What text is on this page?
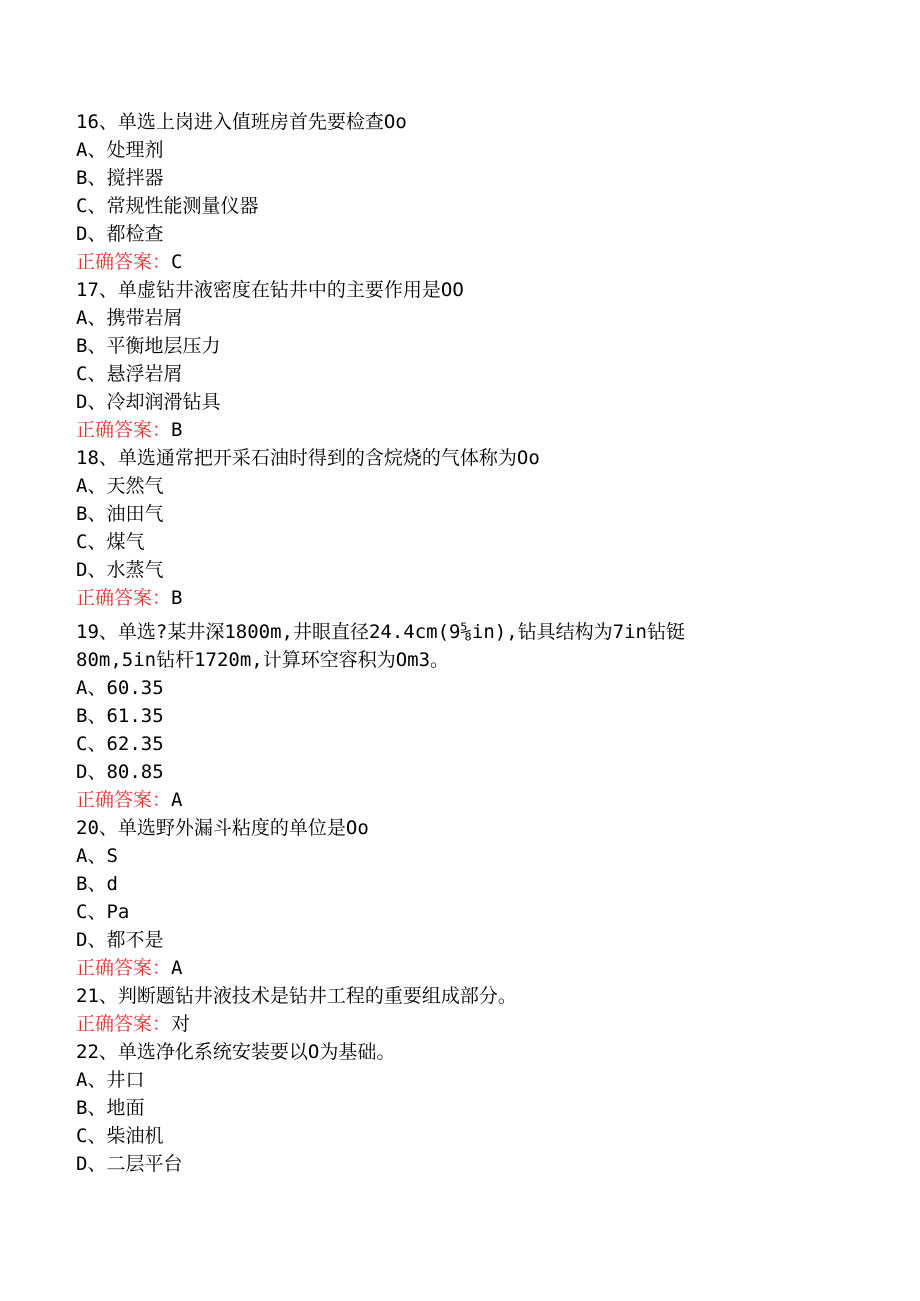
16、单选上岗进入值班房首先要检查Oo
A、处理剂
B、搅拌器
C、常规性能测量仪器
D、都检查
正确答案：C
17、单虚钻井液密度在钻井中的主要作用是OO
A、携带岩屑
B、平衡地层压力
C、悬浮岩屑
D、冷却润滑钻具
正确答案：B
18、单选通常把开采石油时得到的含烷烧的气体称为Oo
A、天然气
B、油田气
C、煤气
D、水蒸气
正确答案：B
19、单选?某井深1800m,井眼直径24.4cm(9⅝in),钻具结构为7in钻铤
80m,5in钻杆1720m,计算环空容积为Om3。
A、60.35
B、61.35
C、62.35
D、80.85
正确答案：A
20、单选野外漏斗粘度的单位是Oo
A、S
B、d
C、Pa
D、都不是
正确答案：A
21、判断题钻井液技术是钻井工程的重要组成部分。
正确答案：对
22、单选净化系统安装要以O为基础。
A、井口
B、地面
C、柴油机
D、二层平台
